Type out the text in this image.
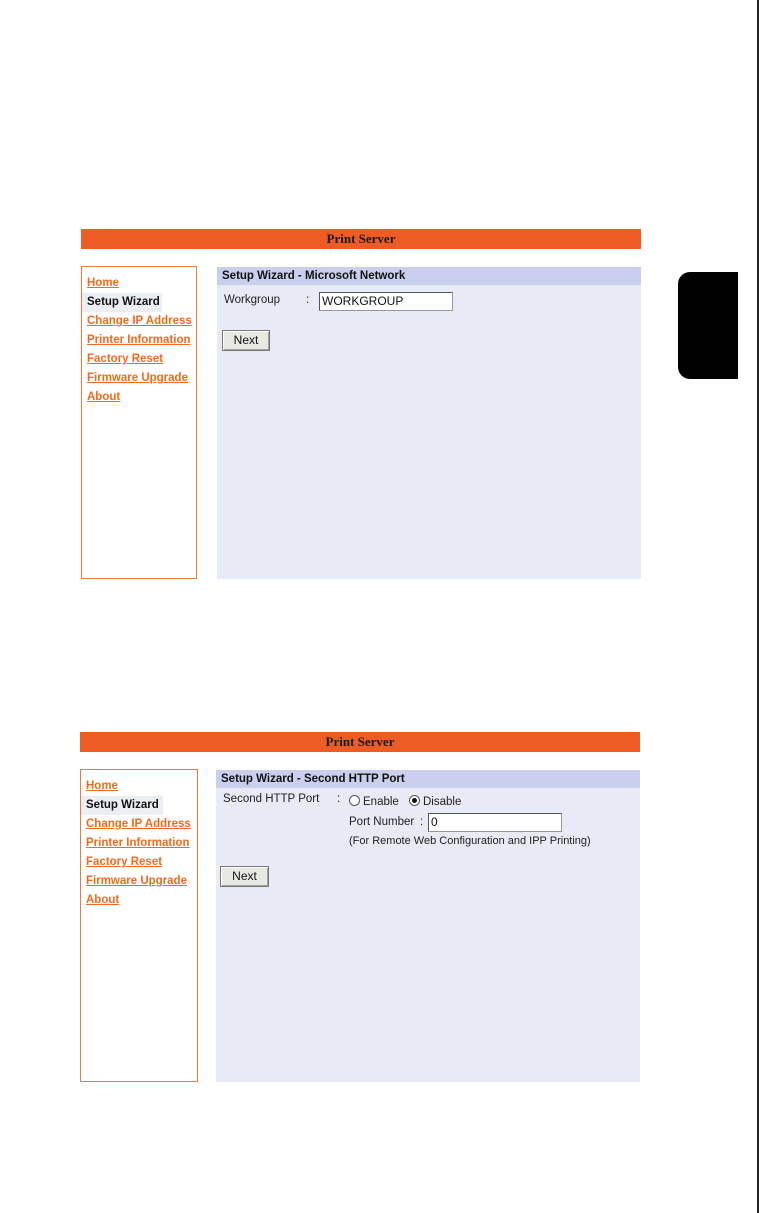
Print Server
Home
Setup Wizard
Change IP Address
Printer Information
Factory Reset
Firmware Upgrade
About
Setup Wizard - Microsoft Network
Workgroup : WORKGROUP
Next
Print Server
Home
Setup Wizard
Change IP Address
Printer Information
Factory Reset
Firmware Upgrade
About
Setup Wizard - Second HTTP Port
Second HTTP Port :	Enable	Disable
Port Number : 0
(For Remote Web Configuration and IPP Printing)
Next
